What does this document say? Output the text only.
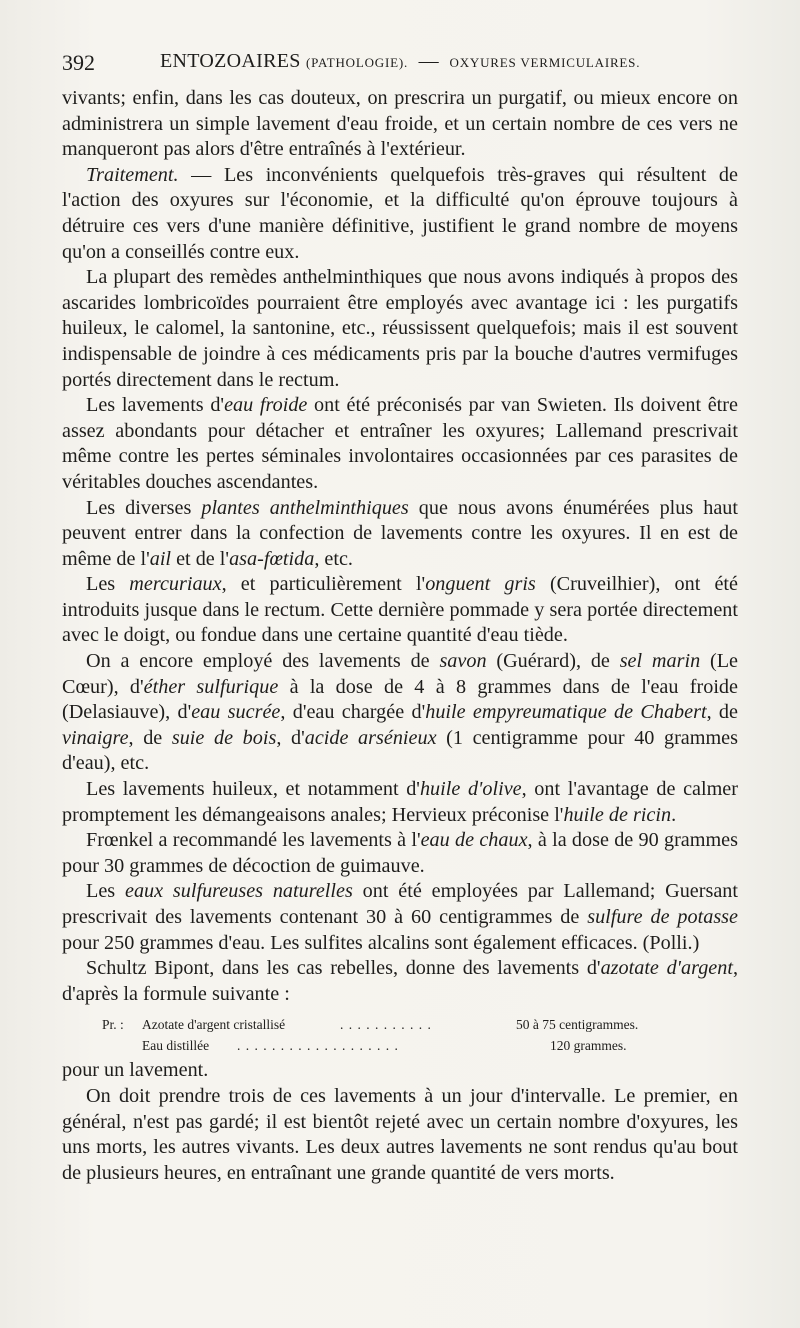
392	ENTOZOAIRES (PATHOLOGIE). — OXYURES VERMICULAIRES.

vivants; enfin, dans les cas douteux, on prescrira un purgatif, ou mieux encore on administrera un simple lavement d'eau froide, et un certain nombre de ces vers ne manqueront pas alors d'être entraînés à l'extérieur.

Traitement. — Les inconvénients quelquefois très-graves qui résultent de l'action des oxyures sur l'économie, et la difficulté qu'on éprouve toujours à détruire ces vers d'une manière définitive, justifient le grand nombre de moyens qu'on a conseillés contre eux.

La plupart des remèdes anthelminthiques que nous avons indiqués à propos des ascarides lombricoïdes pourraient être employés avec avantage ici : les purgatifs huileux, le calomel, la santonine, etc., réussissent quelquefois; mais il est souvent indispensable de joindre à ces médicaments pris par la bouche d'autres vermifuges portés directement dans le rectum.

Les lavements d'eau froide ont été préconisés par van Swieten. Ils doivent être assez abondants pour détacher et entraîner les oxyures; Lallemand prescrivait même contre les pertes séminales involontaires occasionnées par ces parasites de véritables douches ascendantes.

Les diverses plantes anthelminthiques que nous avons énumérées plus haut peuvent entrer dans la confection de lavements contre les oxyures. Il en est de même de l'ail et de l'asa-fœtida, etc.

Les mercuriaux, et particulièrement l'onguent gris (Cruveilhier), ont été introduits jusque dans le rectum. Cette dernière pommade y sera portée directement avec le doigt, ou fondue dans une certaine quantité d'eau tiède.

On a encore employé des lavements de savon (Guérard), de sel marin (Le Cœur), d'éther sulfurique à la dose de 4 à 8 grammes dans de l'eau froide (Delasiauve), d'eau sucrée, d'eau chargée d'huile empyreumatique de Chabert, de vinaigre, de suie de bois, d'acide arsénieux (1 centigramme pour 40 grammes d'eau), etc.

Les lavements huileux, et notamment d'huile d'olive, ont l'avantage de calmer promptement les démangeaisons anales; Hervieux préconise l'huile de ricin.

Frœnkel a recommandé les lavements à l'eau de chaux, à la dose de 90 grammes pour 30 grammes de décoction de guimauve.

Les eaux sulfureuses naturelles ont été employées par Lallemand; Guersant prescrivait des lavements contenant 30 à 60 centigrammes de sulfure de potasse pour 250 grammes d'eau. Les sulfites alcalins sont également efficaces. (Polli.)

Schultz Bipont, dans les cas rebelles, donne des lavements d'azotate d'argent, d'après la formule suivante :

Pr. : Azotate d'argent cristallisé	. . . . . . . . . . .	50 à 75 centigrammes.
Eau distillée . . . . . . . . . . . . . . . . . . .	120 grammes.

pour un lavement.

On doit prendre trois de ces lavements à un jour d'intervalle. Le premier, en général, n'est pas gardé; il est bientôt rejeté avec un certain nombre d'oxyures, les uns morts, les autres vivants. Les deux autres lavements ne sont rendus qu'au bout de plusieurs heures, en entraînant une grande quantité de vers morts.
